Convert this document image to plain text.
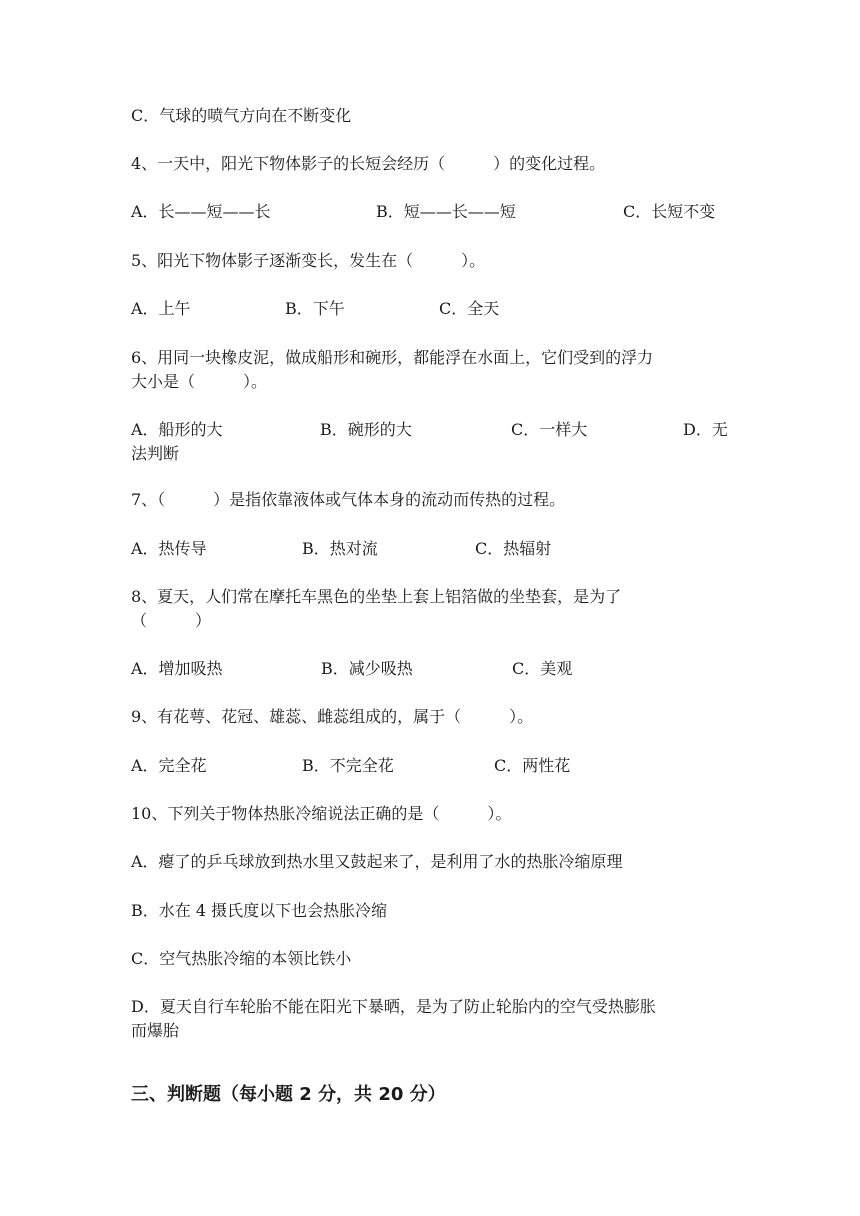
C．气球的喷气方向在不断变化
4、一天中，阳光下物体影子的长短会经历（　　　）的变化过程。
A．长——短——长	B．短——长——短	C．长短不变
5、阳光下物体影子逐渐变长，发生在（　　　）。
A．上午	B．下午	C．全天
6、用同一块橡皮泥，做成船形和碗形，都能浮在水面上，它们受到的浮力
大小是（　　　）。
A．船形的大	B．碗形的大	C．一样大	D．无
法判断
7、（　　　）是指依靠液体或气体本身的流动而传热的过程。
A．热传导	B．热对流	C．热辐射
8、夏天，人们常在摩托车黑色的坐垫上套上铝箔做的坐垫套，是为了
（　　　）
A．增加吸热	B．减少吸热	C．美观
9、有花萼、花冠、雄蕊、雌蕊组成的，属于（　　　）。
A．完全花	B．不完全花	C．两性花
10、下列关于物体热胀冷缩说法正确的是（　　　）。
A．瘪了的乒乓球放到热水里又鼓起来了，是利用了水的热胀冷缩原理
B．水在 4 摄氏度以下也会热胀冷缩
C．空气热胀冷缩的本领比铁小
D．夏天自行车轮胎不能在阳光下暴晒，是为了防止轮胎内的空气受热膨胀
而爆胎
三、判断题（每小题 2 分，共 20 分）
